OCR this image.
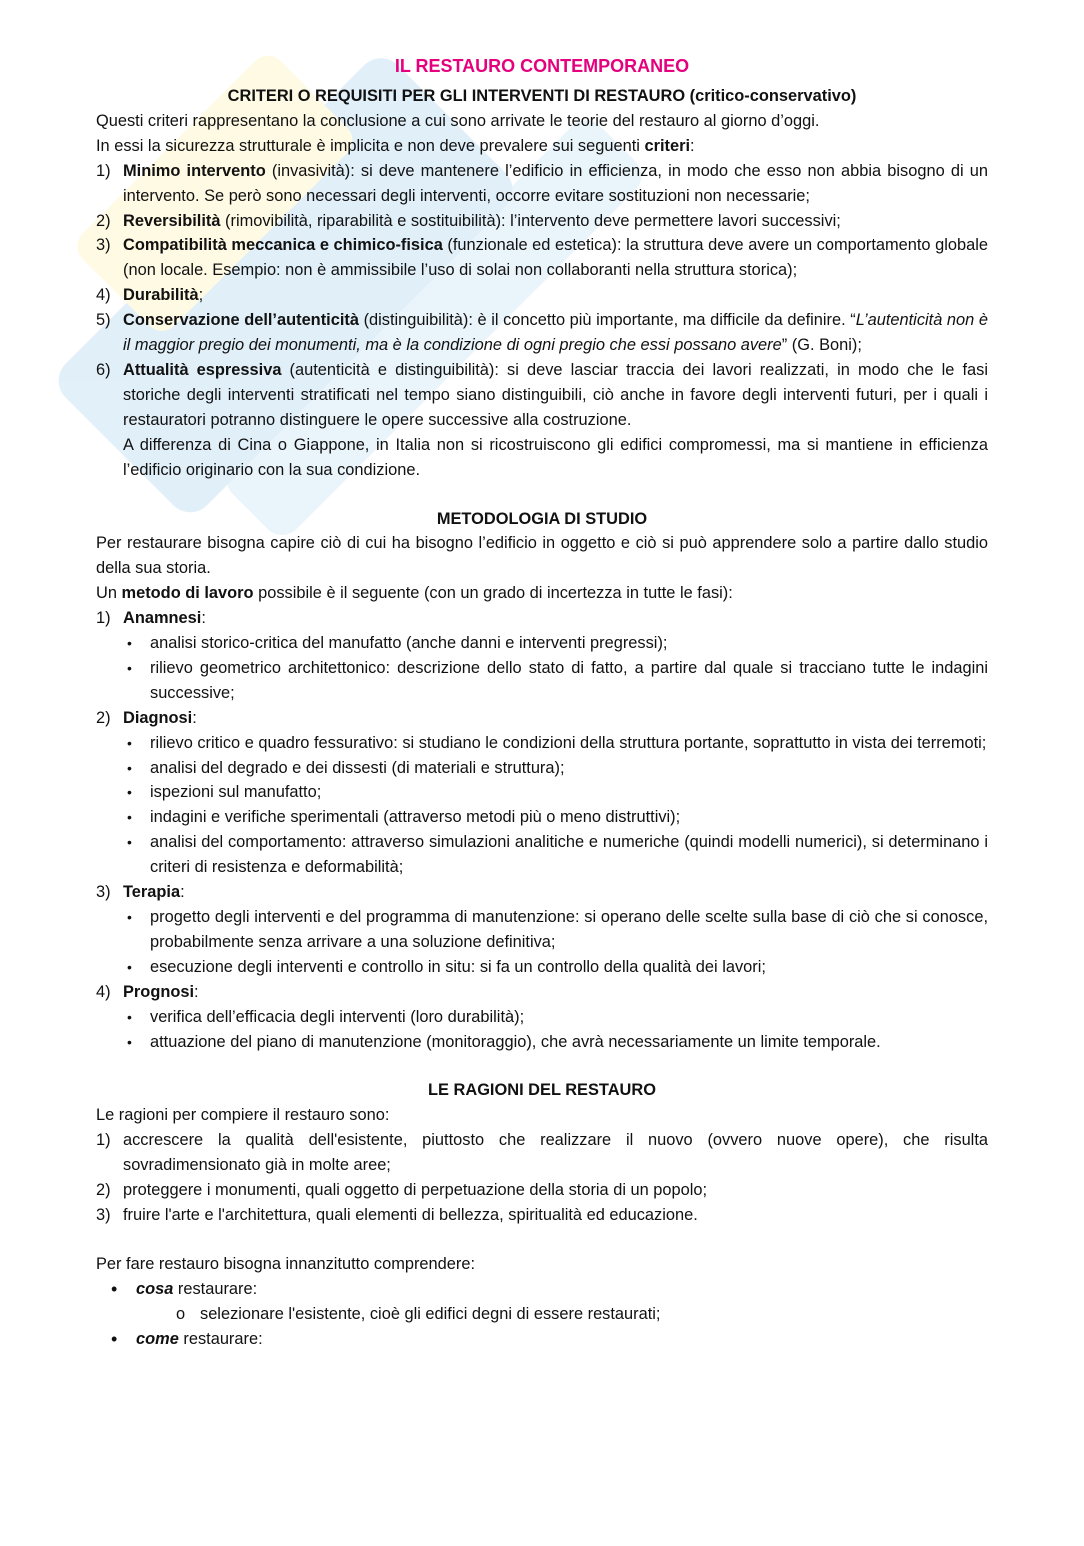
IL RESTAURO CONTEMPORANEO
CRITERI O REQUISITI PER GLI INTERVENTI DI RESTAURO (critico-conservativo)

Questi criteri rappresentano la conclusione a cui sono arrivate le teorie del restauro al giorno d’oggi.

In essi la sicurezza strutturale è implicita e non deve prevalere sui seguenti criteri:

1) Minimo intervento (invasività): si deve mantenere l’edificio in efficienza, in modo che esso non abbia bisogno di un intervento. Se però sono necessari degli interventi, occorre evitare sostituzioni non necessarie;
2) Reversibilità (rimovibilità, riparabilità e sostituibilità): l’intervento deve permettere lavori successivi;
3) Compatibilità meccanica e chimico-fisica (funzionale ed estetica): la struttura deve avere un comportamento globale (non locale. Esempio: non è ammissibile l’uso di solai non collaboranti nella struttura storica);
4) Durabilità;
5) Conservazione dell’autenticità (distinguibilità): è il concetto più importante, ma difficile da definire. “L’autenticità non è il maggior pregio dei monumenti, ma è la condizione di ogni pregio che essi possano avere” (G. Boni);
6) Attualità espressiva (autenticità e distinguibilità): si deve lasciar traccia dei lavori realizzati, in modo che le fasi storiche degli interventi stratificati nel tempo siano distinguibili, ciò anche in favore degli interventi futuri, per i quali i restauratori potranno distinguere le opere successive alla costruzione.

A differenza di Cina o Giappone, in Italia non si ricostruiscono gli edifici compromessi, ma si mantiene in efficienza l’edificio originario con la sua condizione.

METODOLOGIA DI STUDIO

Per restaurare bisogna capire ciò di cui ha bisogno l’edificio in oggetto e ciò si può apprendere solo a partire dallo studio della sua storia.

Un metodo di lavoro possibile è il seguente (con un grado di incertezza in tutte le fasi):

1) Anamnesi:
• analisi storico-critica del manufatto (anche danni e interventi pregressi);
• rilievo geometrico architettonico: descrizione dello stato di fatto, a partire dal quale si tracciano tutte le indagini successive;
2) Diagnosi:
• rilievo critico e quadro fessurativo: si studiano le condizioni della struttura portante, soprattutto in vista dei terremoti;
• analisi del degrado e dei dissesti (di materiali e struttura);
• ispezioni sul manufatto;
• indagini e verifiche sperimentali (attraverso metodi più o meno distruttivi);
• analisi del comportamento: attraverso simulazioni analitiche e numeriche (quindi modelli numerici), si determinano i criteri di resistenza e deformabilità;
3) Terapia:
• progetto degli interventi e del programma di manutenzione: si operano delle scelte sulla base di ciò che si conosce, probabilmente senza arrivare a una soluzione definitiva;
• esecuzione degli interventi e controllo in situ: si fa un controllo della qualità dei lavori;
4) Prognosi:
• verifica dell’efficacia degli interventi (loro durabilità);
• attuazione del piano di manutenzione (monitoraggio), che avrà necessariamente un limite temporale.
LE RAGIONI DEL RESTAURO

Le ragioni per compiere il restauro sono:

1) accrescere la qualità dell'esistente, piuttosto che realizzare il nuovo (ovvero nuove opere), che risulta sovradimensionato già in molte aree;
2) proteggere i monumenti, quali oggetto di perpetuazione della storia di un popolo;
3) fruire l'arte e l'architettura, quali elementi di bellezza, spiritualità ed educazione.

Per fare restauro bisogna innanzitutto comprendere:

• cosa restaurare:
o selezionare l'esistente, cioè gli edifici degni di essere restaurati;
• come restaurare:
